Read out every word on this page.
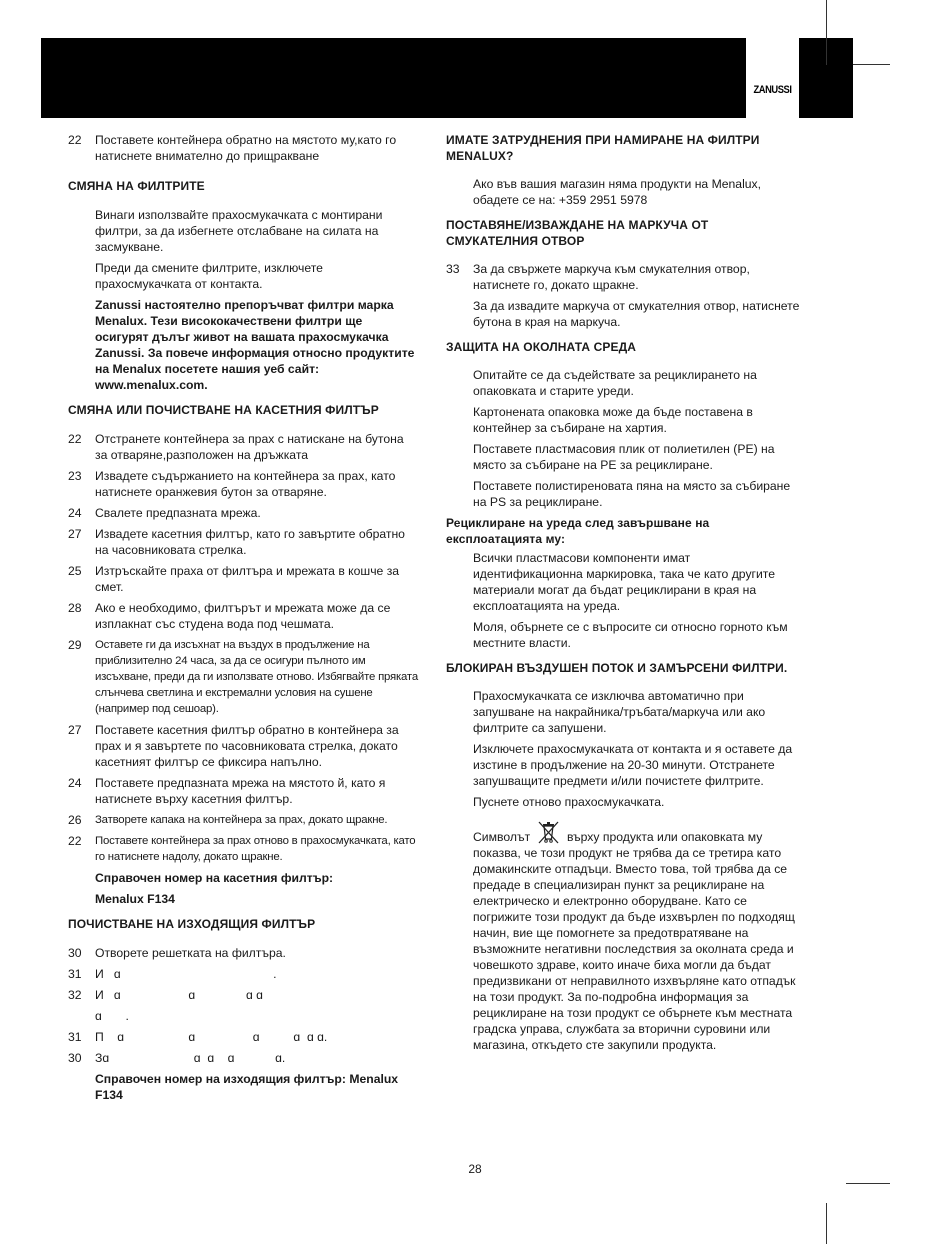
ZANUSSI
22	Поставете контейнера обратно на мястото му,като го натиснете внимателно до прищракване
СМЯНА НА ФИЛТРИТЕ
Винаги използвайте прахосмукачката с монтирани филтри, за да избегнете отслабване на силата на засмукване.
Преди да смените филтрите, изключете прахосмукачката от контакта.
Zanussi настоятелно препоръчват филтри марка Menalux. Тези висококачествени филтри ще осигурят дълъг живот на вашата прахосмукачка Zanussi. За повече информация относно продуктите на Menalux посетете нашия уеб сайт: www.menalux.com.
СМЯНА ИЛИ ПОЧИСТВАНЕ НА КАСЕТНИЯ ФИЛТЪР
22	Отстранете контейнера за прах с натискане на бутона за отваряне,разположен на дръжката
23	Извадете съдържанието на контейнера за прах, като натиснете оранжевия бутон за отваряне.
24	Свалете предпазната мрежа.
27	Извадете касетния филтър, като го завъртите обратно на часовниковата стрелка.
25	Изтръскайте праха от филтъра и мрежата в кошче за смет.
28	Ако е необходимо, филтърът и мрежата може да се изплакнат със студена вода под чешмата.
29	Оставете ги да изсъхнат на въздух в продължение на приблизително 24 часа, за да се осигури пълното им изсъхване, преди да ги използвате отново. Избягвайте пряката слънчева светлина и екстремални условия на сушене (например под сешоар).
27	Поставете касетния филтър обратно в контейнера за прах и я завъртете по часовниковата стрелка, докато касетният филтър се фиксира напълно.
24	Поставете предпазната мрежа на мястото й, като я натиснете върху касетния филтър.
26	Затворете капака на контейнера за прах, докато щракне.
22	Поставете контейнера за прах отново в прахосмукачката, като го натиснете надолу, докато щракне.
Справочен номер на касетния филтър:
Menalux F134
ПОЧИСТВАНЕ НА ИЗХОДЯЩИЯ ФИЛТЪР
30	Отворете решетката на филтъра.
31	И   ɑ                                             .
32	И   ɑ                    ɑ               ɑ ɑ
ɑ       .
31	П    ɑ                   ɑ                 ɑ          ɑ  ɑ ɑ.
30	Зɑ                         ɑ  ɑ    ɑ            ɑ.
Справочен номер на изходящия филтър: Menalux F134
ИМАТЕ ЗАТРУДНЕНИЯ ПРИ НАМИРАНЕ НА ФИЛТРИ MENALUX?
Ако във вашия магазин няма продукти на Menalux, обадете се на: +359 2951 5978
ПОСТАВЯНЕ/ИЗВАЖДАНЕ НА МАРКУЧА ОТ СМУКАТЕЛНИЯ ОТВОР
33	За да свържете маркуча към смукателния отвор, натиснете го, докато щракне.
За да извадите маркуча от смукателния отвор, натиснете бутона в края на маркуча.
ЗАЩИТА НА ОКОЛНАТА СРЕДА
Опитайте се да съдействате за рециклирането на опаковката и старите уреди.
Картонената опаковка може да бъде поставена в контейнер за събиране на хартия.
Поставете пластмасовия плик от полиетилен (PE) на място за събиране на PE за рециклиране.
Поставете полистиреновата пяна на място за събиране на PS за рециклиране.
Рециклиране на уреда след завършване на експлоатацията му:
Всички пластмасови компоненти имат идентификационна маркировка, така че като другите материали могат да бъдат рециклирани в края на експлоатацията на уреда.
Моля, обърнете се с въпросите си относно горното към местните власти.
БЛОКИРАН ВЪЗДУШЕН ПОТОК И ЗАМЪРСЕНИ ФИЛТРИ.
Прахосмукачката се изключва автоматично при запушване на накрайника/тръбата/маркуча или ако филтрите са запушени.
Изключете прахосмукачката от контакта и я оставете да изстине в продължение на 20-30 минути. Отстранете запушващите предмети и/или почистете филтрите.
Пуснете отново прахосмукачката.
Символът	върху продукта или опаковката му показва, че този продукт не трябва да се третира като домакинските отпадъци. Вместо това, той трябва да се предаде в специализиран пункт за рециклиране на електрическо и електронно оборудване. Като се погрижите този продукт да бъде изхвърлен по подходящ начин, вие ще помогнете за предотвратяване на възможните негативни последствия за околната среда и човешкото здраве, които иначе биха могли да бъдат предизвикани от неправилното изхвърляне като отпадък на този продукт. За по-подробна информация за рециклиране на този продукт се обърнете към местната градска управа, службата за вторични суровини или магазина, откъдето сте закупили продукта.
28
